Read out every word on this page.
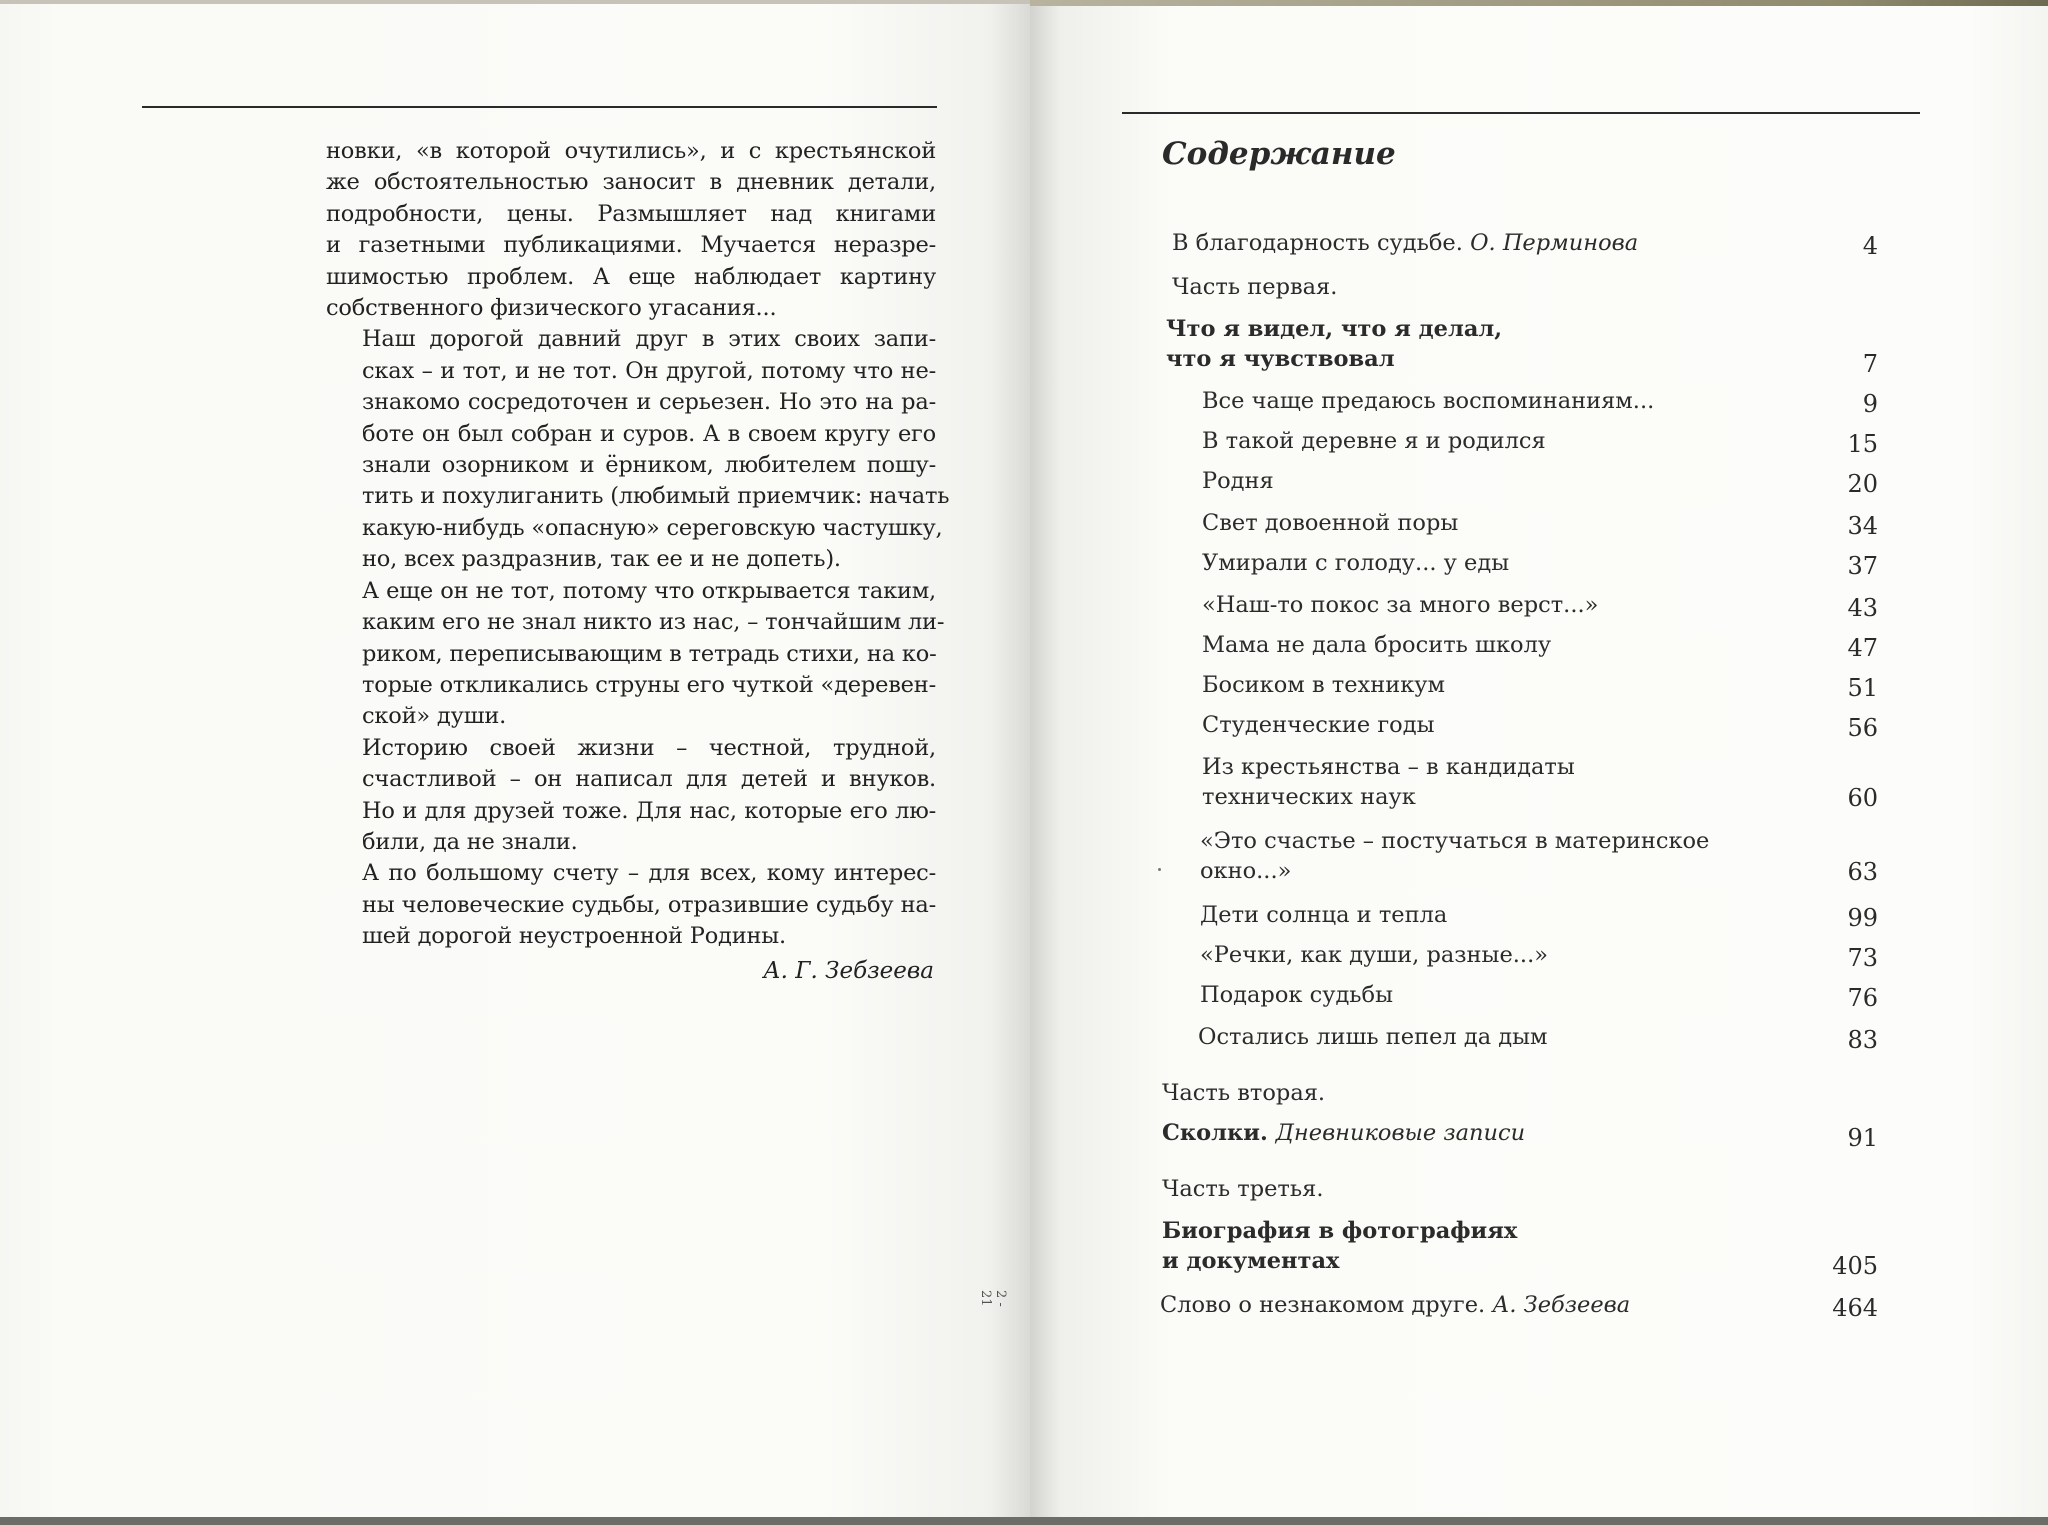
новки, «в которой очутились», и с крестьянской
же обстоятельностью заносит в дневник детали,
подробности, цены. Размышляет над книгами
и газетными публикациями. Мучается неразре-
шимостью проблем. А еще наблюдает картину
собственного физического угасания...

Наш дорогой давний друг в этих своих запи-
сках – и тот, и не тот. Он другой, потому что не-
знакомо сосредоточен и серьезен. Но это на ра-
боте он был собран и суров. А в своем кругу его
знали озорником и ёрником, любителем пошу-
тить и похулиганить (любимый приемчик: начать
какую-нибудь «опасную» сереговскую частушку,
но, всех раздразнив, так ее и не допеть).

А еще он не тот, потому что открывается таким,
каким его не знал никто из нас, – тончайшим ли-
риком, переписывающим в тетрадь стихи, на ко-
торые откликались струны его чуткой «деревен-
ской» души.

Историю своей жизни – честной, трудной,
счастливой – он написал для детей и внуков.
Но и для друзей тоже. Для нас, которые его лю-
били, да не знали.

А по большому счету – для всех, кому интерес-
ны человеческие судьбы, отразившие судьбу на-
шей дорогой неустроенной Родины.

А. Г. Зебзеева
2 - 21
Содержание
В благодарность судьбе. О. Перминова	4
Часть первая.
Что я видел, что я делал,
что я чувствовал	7
Все чаще предаюсь воспоминаниям...	9
В такой деревне я и родился	15
Родня	20
Свет довоенной поры	34
Умирали с голоду... у еды	37
«Наш-то покос за много верст...»	43
Мама не дала бросить школу	47
Босиком в техникум	51
Студенческие годы	56
Из крестьянства – в кандидаты
технических наук	60
«Это счастье – постучаться в материнское
окно...»	63
Дети солнца и тепла	99
«Речки, как души, разные...»	73
Подарок судьбы	76
Остались лишь пепел да дым	83
Часть вторая.
Сколки. Дневниковые записи	91
Часть третья.
Биография в фотографиях
и документах	405
Слово о незнакомом друге. А. Зебзеева	464
